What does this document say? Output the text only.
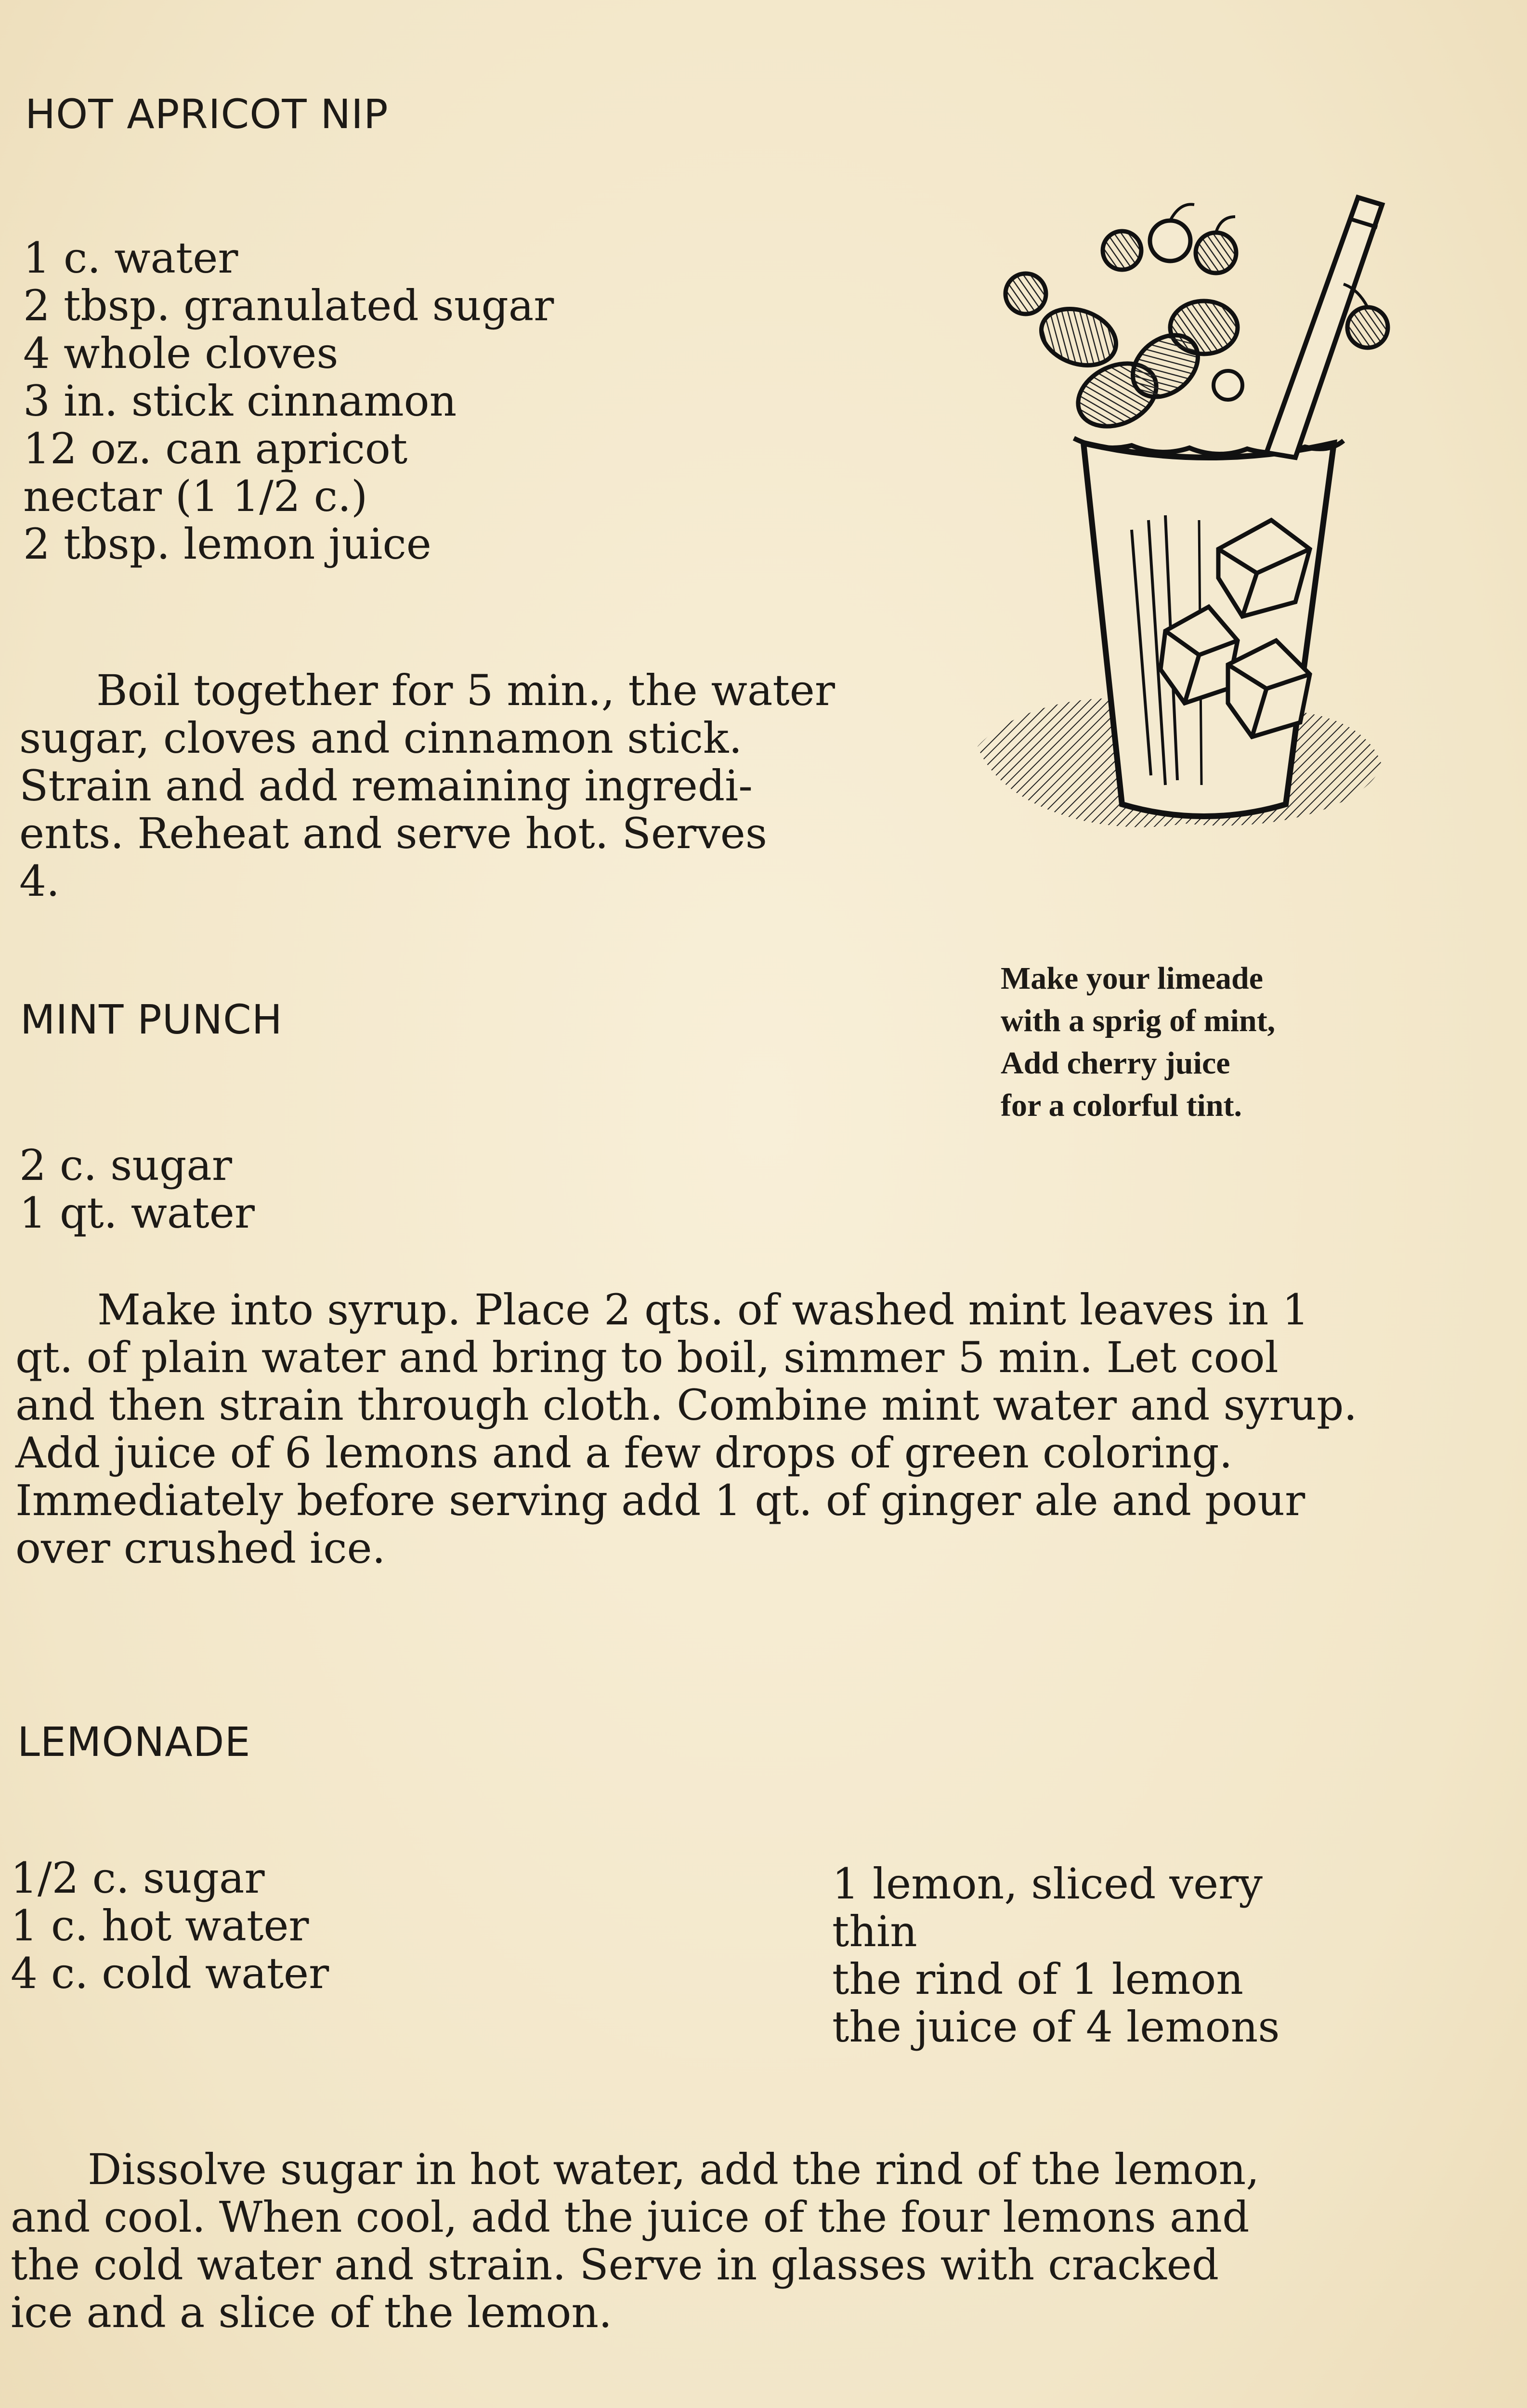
HOT APRICOT NIP
1 c. water
2 tbsp. granulated sugar
4 whole cloves
3 in. stick cinnamon
12 oz. can apricot
nectar (1 1/2 c.)
2 tbsp. lemon juice
Boil together for 5 min., the water
sugar, cloves and cinnamon stick.
Strain and add remaining ingredi-
ents. Reheat and serve hot. Serves
4.
Make your limeade
with a sprig of mint,
Add cherry juice
for a colorful tint.
MINT PUNCH
2 c. sugar
1 qt. water
Make into syrup. Place 2 qts. of washed mint leaves in 1
qt. of plain water and bring to boil, simmer 5 min. Let cool
and then strain through cloth. Combine mint water and syrup.
Add juice of 6 lemons and a few drops of green coloring.
Immediately before serving add 1 qt. of ginger ale and pour
over crushed ice.
LEMONADE
1/2 c. sugar
1 c. hot water
4 c. cold water
1 lemon, sliced very
thin
the rind of 1 lemon
the juice of 4 lemons
Dissolve sugar in hot water, add the rind of the lemon,
and cool. When cool, add the juice of the four lemons and
the cold water and strain. Serve in glasses with cracked
ice and a slice of the lemon.
